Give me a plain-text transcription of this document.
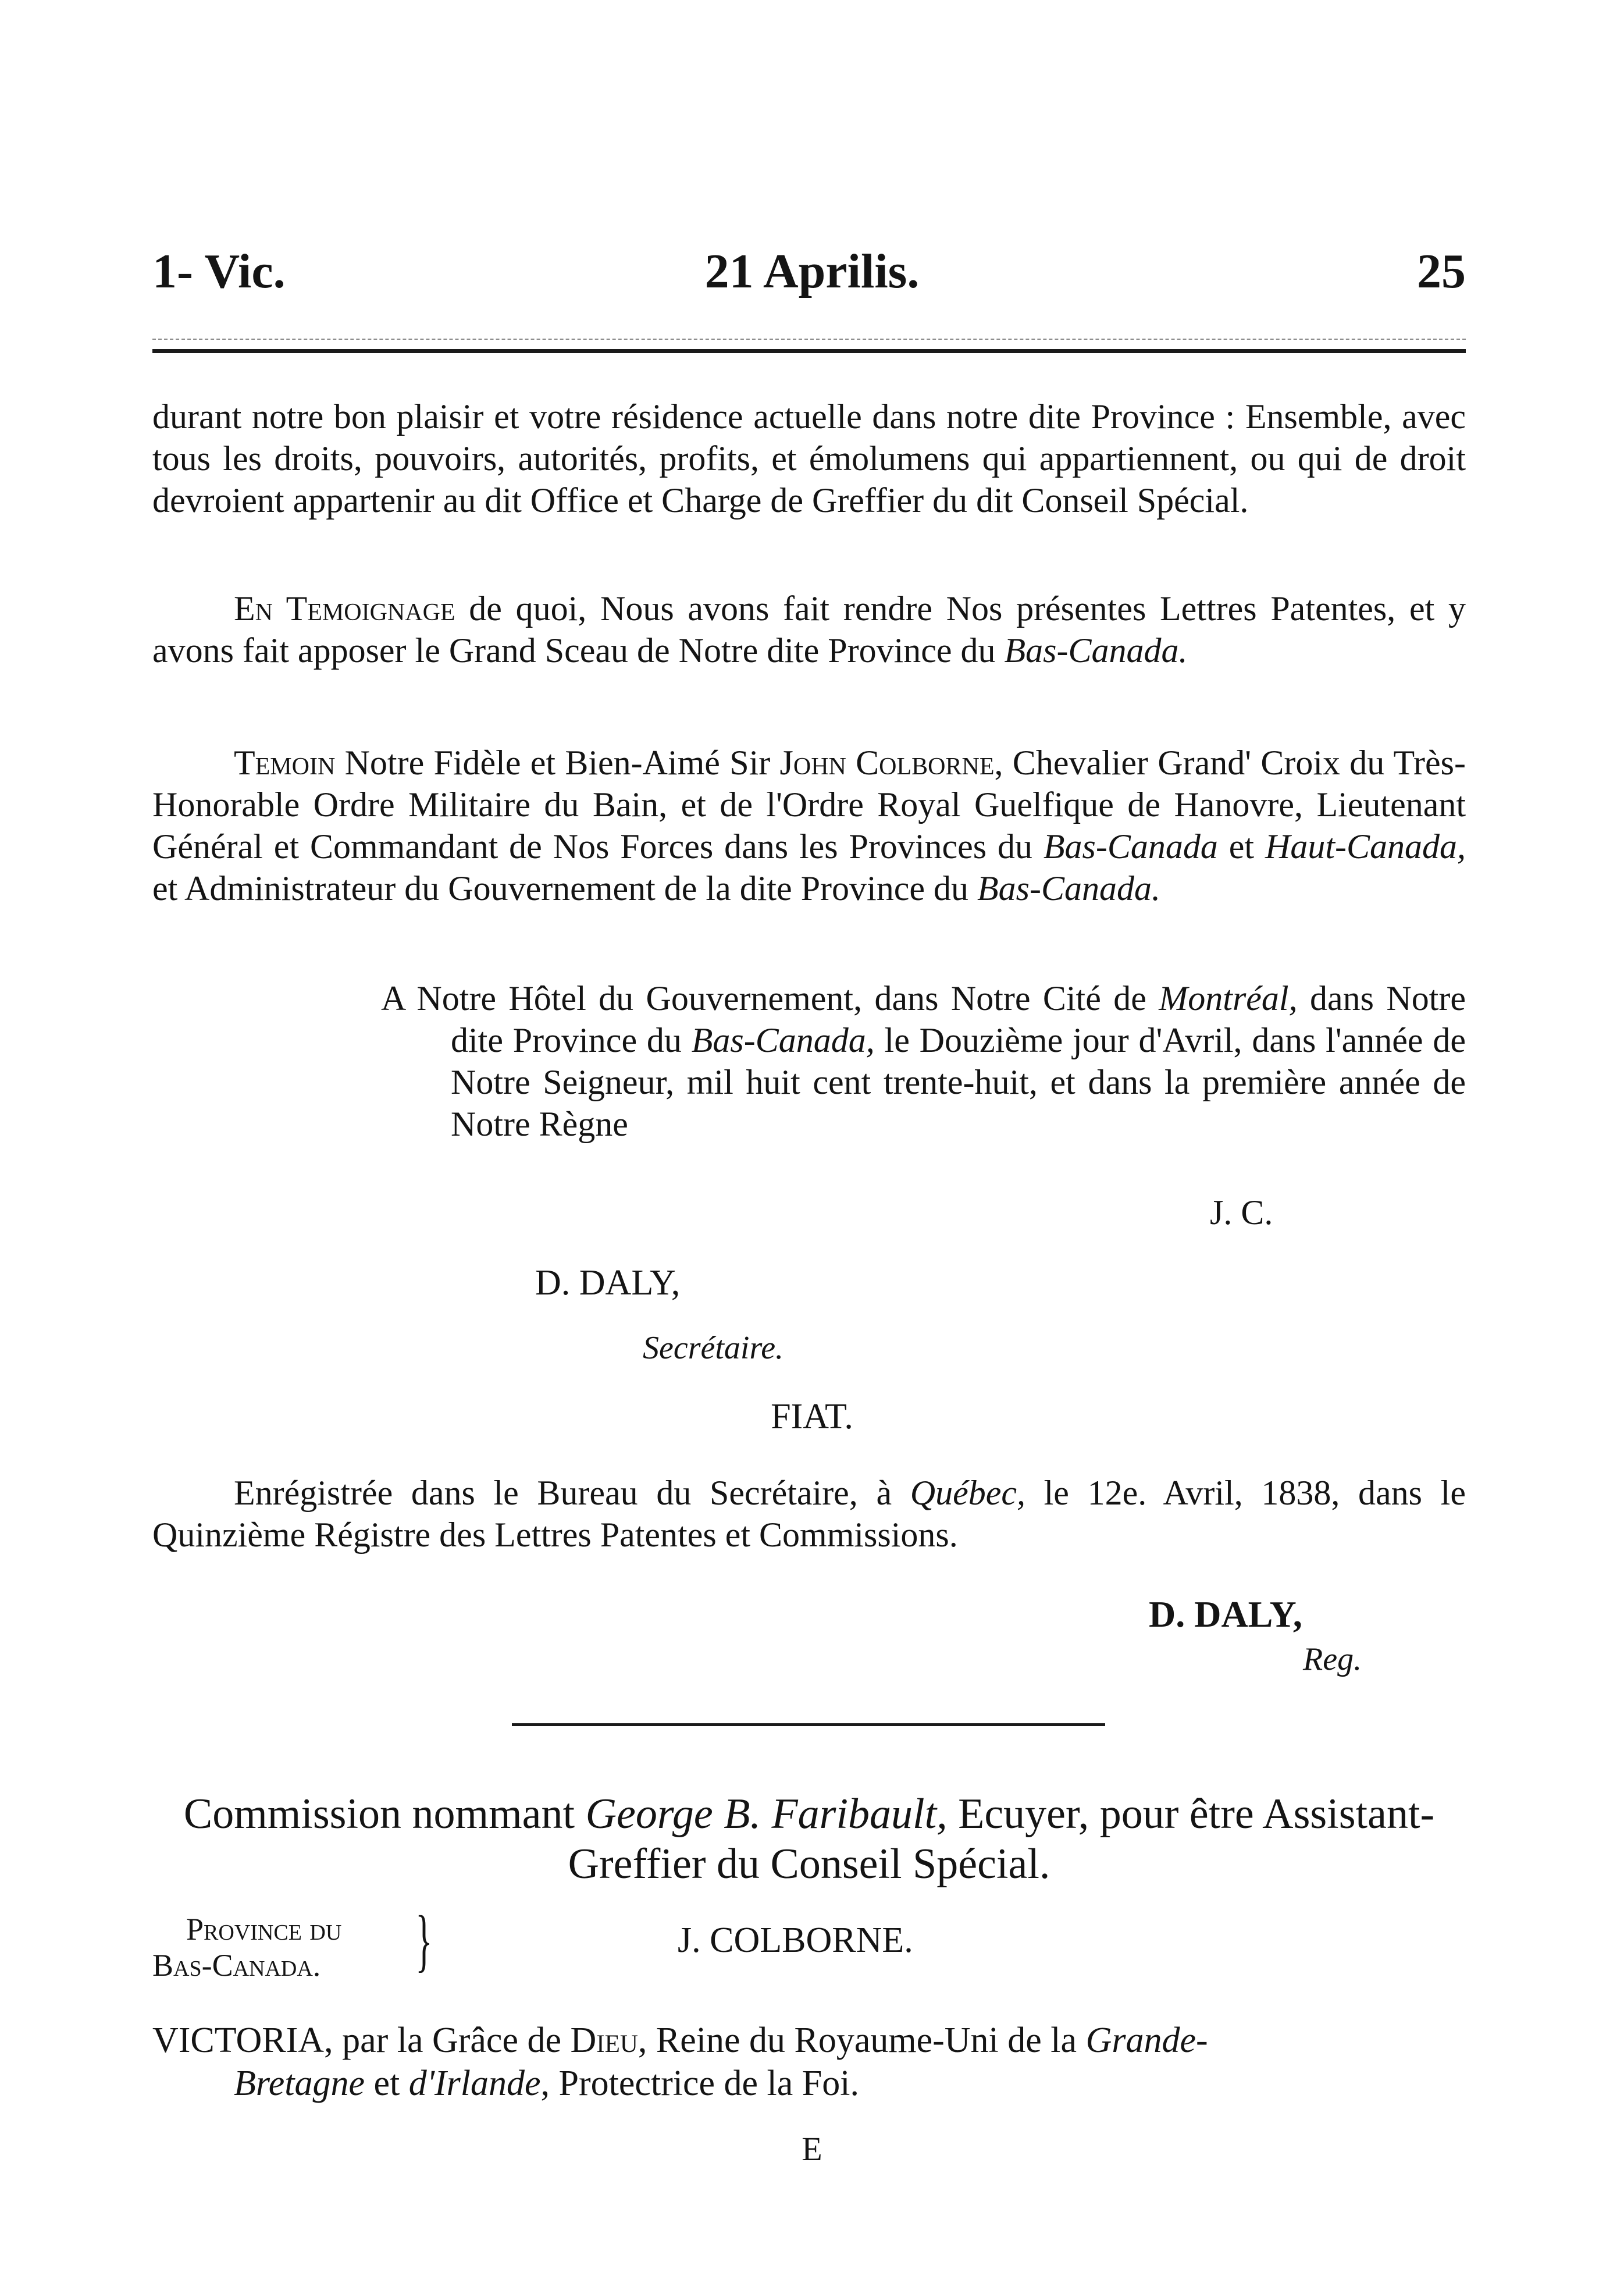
1- Vic.	21 Aprilis.	25

durant notre bon plaisir et votre résidence actuelle dans notre dite Province : Ensemble, avec tous les droits, pouvoirs, autorités, profits, et émolumens qui appartiennent, ou qui de droit devroient appartenir au dit Office et Charge de Greffier du dit Conseil Spécial.

En Temoignage de quoi, Nous avons fait rendre Nos présentes Lettres Patentes, et y avons fait apposer le Grand Sceau de Notre dite Province du Bas-Canada.

Temoin Notre Fidèle et Bien-Aimé Sir John Colborne, Chevalier Grand' Croix du Très-Honorable Ordre Militaire du Bain, et de l'Ordre Royal Guelfique de Hanovre, Lieutenant Général et Commandant de Nos Forces dans les Provinces du Bas-Canada et Haut-Canada, et Administrateur du Gouvernement de la dite Province du Bas-Canada.

A Notre Hôtel du Gouvernement, dans Notre Cité de Montréal, dans Notre dite Province du Bas-Canada, le Douzième jour d'Avril, dans l'année de Notre Seigneur, mil huit cent trente-huit, et dans la première année de Notre Règne
J. C.
D. DALY,
Secrétaire.
FIAT.

Enrégistrée dans le Bureau du Secrétaire, à Québec, le 12e. Avril, 1838, dans le Quinzième Régistre des Lettres Patentes et Commissions.

D. DALY,
Reg.
Commission nommant George B. Faribault, Ecuyer, pour être Assistant-Greffier du Conseil Spécial.
Province du
Bas-Canada.	}	J. COLBORNE.
VICTORIA, par la Grâce de Dieu, Reine du Royaume-Uni de la Grande-
Bretagne et d'Irlande, Protectrice de la Foi.
E
